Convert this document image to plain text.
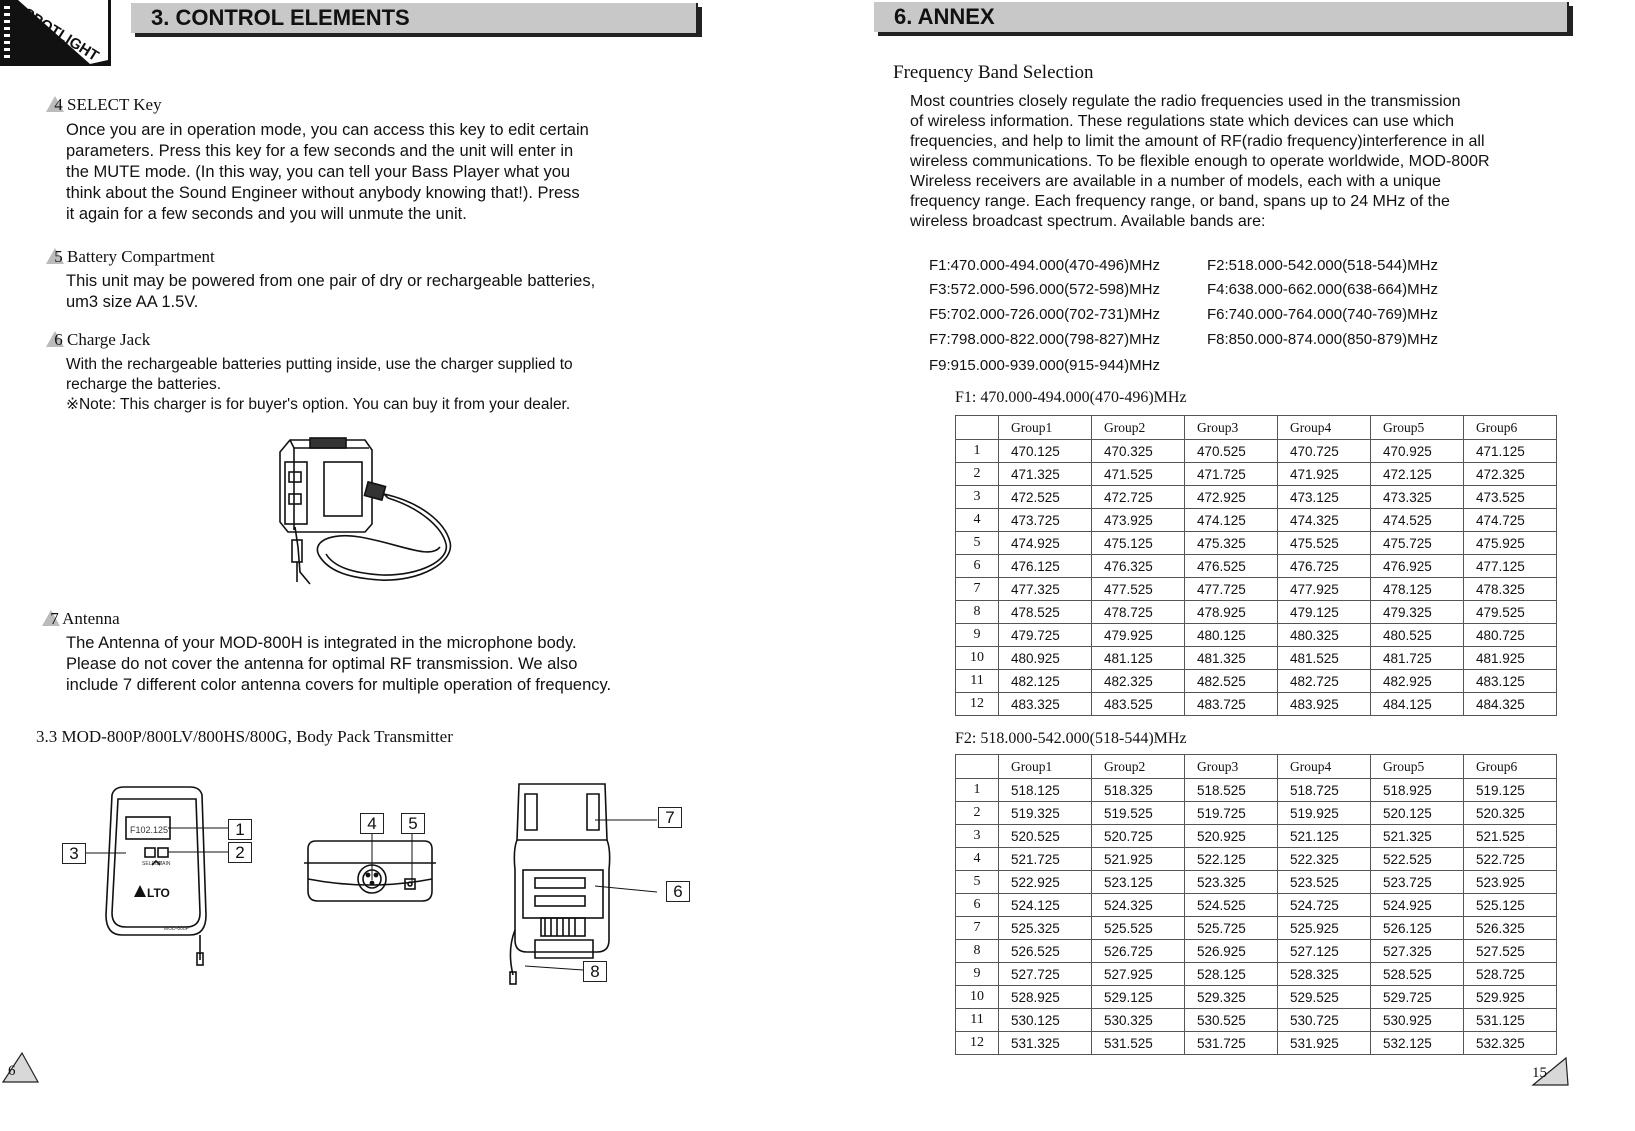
SPOTLIGHT 3. CONTROL ELEMENTS
4 SELECT Key
Once you are in operation mode, you can access this key to edit certain
parameters. Press this key for a few seconds and the unit will enter in
the MUTE mode. (In this way, you can tell your Bass Player what you
think about the Sound Engineer without anybody knowing that!). Press
it again for a few seconds and you will unmute the unit.
5 Battery Compartment
This unit may be powered from one pair of dry or rechargeable batteries,
um3 size AA 1.5V.
6 Charge Jack
With the rechargeable batteries putting inside, use the charger supplied to
recharge the batteries.
※Note: This charger is for buyer's option. You can buy it from your dealer.
7 Antenna
The Antenna of your MOD-800H is integrated in the microphone body.
Please do not cover the antenna for optimal RF transmission. We also
include 7 different color antenna covers for multiple operation of frequency.
3.3 MOD-800P/800LV/800HS/800G, Body Pack Transmitter
F102.125
SELECT
MAIN
LTO
MOD-800P
1
2
3
4	5	7
6
8
6
6. ANNEX
Frequency Band Selection
Most countries closely regulate the radio frequencies used in the transmission
of wireless information. These regulations state which devices can use which
frequencies, and help to limit the amount of RF(radio frequency)interference in all
wireless communications. To be flexible enough to operate worldwide, MOD-800R
Wireless receivers are available in a number of models, each with a unique
frequency range. Each frequency range, or band, spans up to 24 MHz of the
wireless broadcast spectrum. Available bands are:
F1:470.000-494.000(470-496)MHz	F2:518.000-542.000(518-544)MHz
F3:572.000-596.000(572-598)MHz	F4:638.000-662.000(638-664)MHz
F5:702.000-726.000(702-731)MHz	F6:740.000-764.000(740-769)MHz
F7:798.000-822.000(798-827)MHz	F8:850.000-874.000(850-879)MHz
F9:915.000-939.000(915-944)MHz
F1: 470.000-494.000(470-496)MHz
	Group1	Group2	Group3	Group4	Group5	Group6
1	470.125	470.325	470.525	470.725	470.925	471.125
2	471.325	471.525	471.725	471.925	472.125	472.325
3	472.525	472.725	472.925	473.125	473.325	473.525
4	473.725	473.925	474.125	474.325	474.525	474.725
5	474.925	475.125	475.325	475.525	475.725	475.925
6	476.125	476.325	476.525	476.725	476.925	477.125
7	477.325	477.525	477.725	477.925	478.125	478.325
8	478.525	478.725	478.925	479.125	479.325	479.525
9	479.725	479.925	480.125	480.325	480.525	480.725
10	480.925	481.125	481.325	481.525	481.725	481.925
11	482.125	482.325	482.525	482.725	482.925	483.125
12	483.325	483.525	483.725	483.925	484.125	484.325
F2: 518.000-542.000(518-544)MHz
	Group1	Group2	Group3	Group4	Group5	Group6
1	518.125	518.325	518.525	518.725	518.925	519.125
2	519.325	519.525	519.725	519.925	520.125	520.325
3	520.525	520.725	520.925	521.125	521.325	521.525
4	521.725	521.925	522.125	522.325	522.525	522.725
5	522.925	523.125	523.325	523.525	523.725	523.925
6	524.125	524.325	524.525	524.725	524.925	525.125
7	525.325	525.525	525.725	525.925	526.125	526.325
8	526.525	526.725	526.925	527.125	527.325	527.525
9	527.725	527.925	528.125	528.325	528.525	528.725
10	528.925	529.125	529.325	529.525	529.725	529.925
11	530.125	530.325	530.525	530.725	530.925	531.125
12	531.325	531.525	531.725	531.925	532.125	532.325
15
